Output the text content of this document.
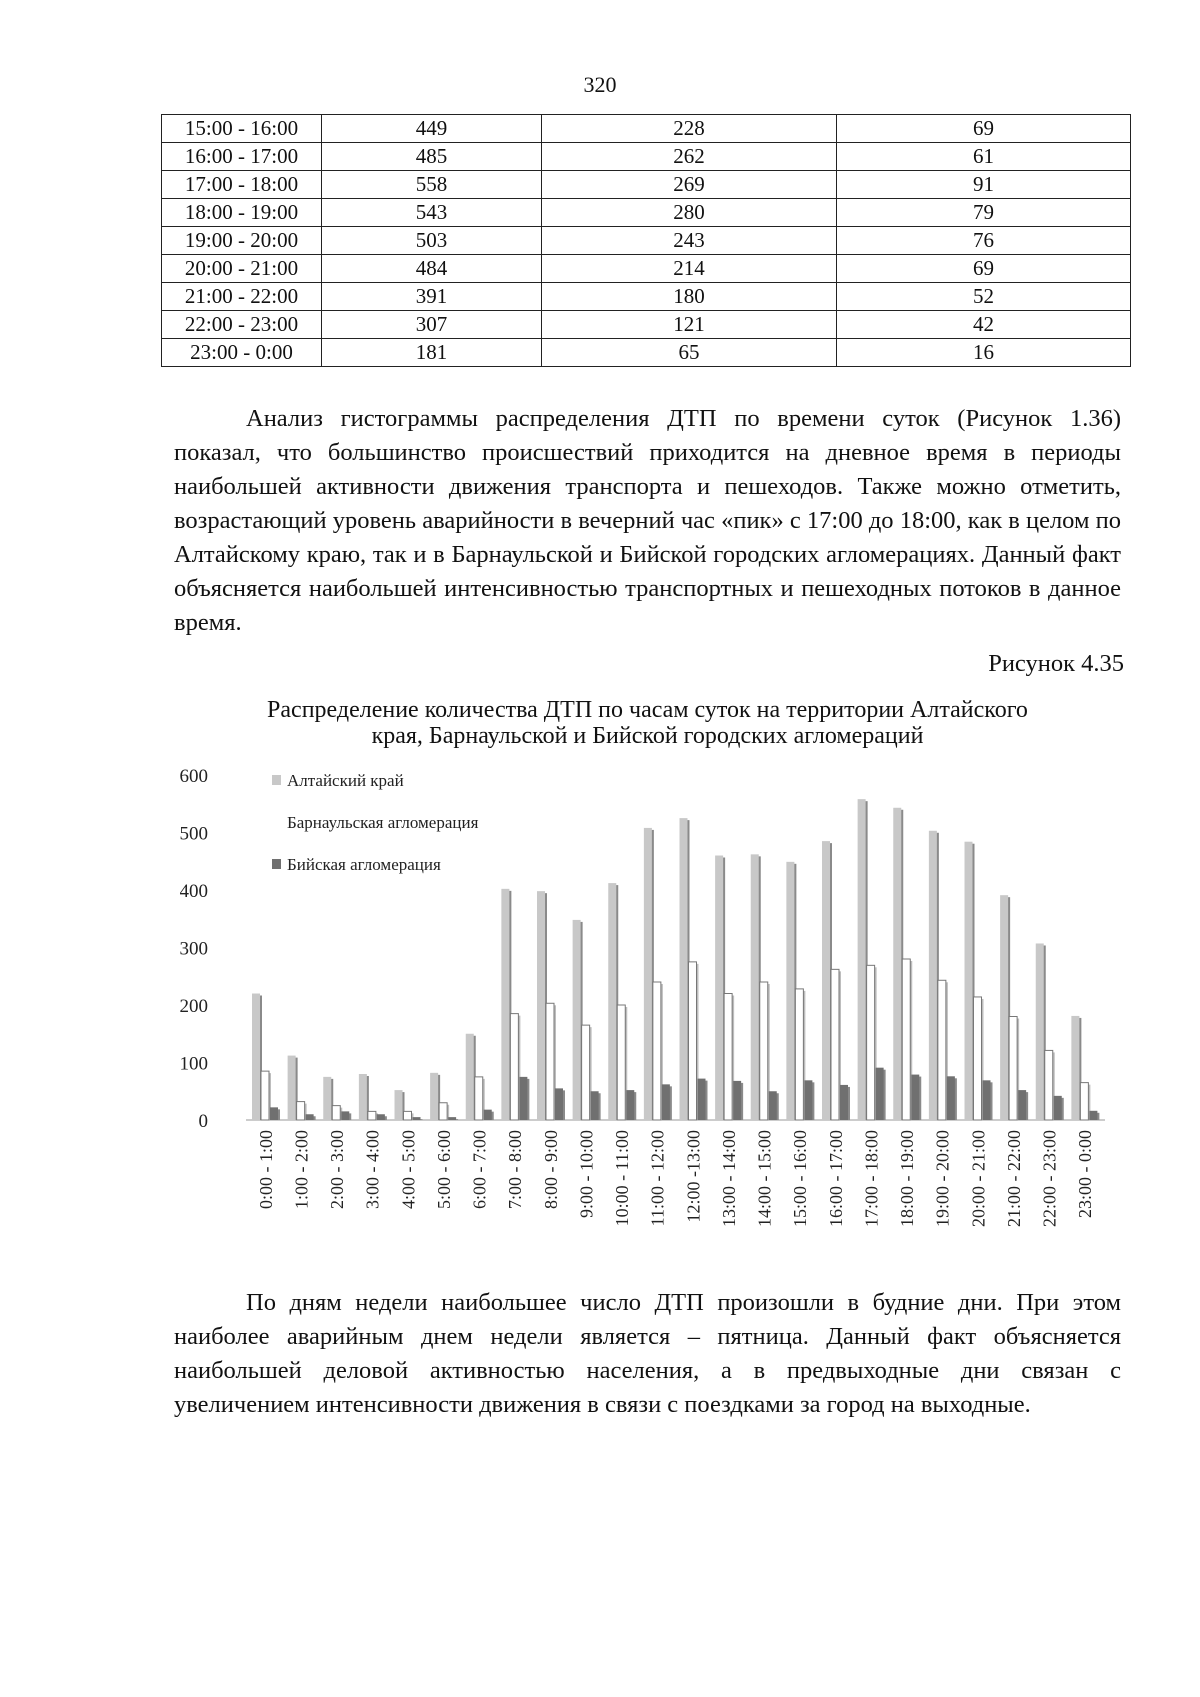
320
15:00 - 16:00	449	228	69
16:00 - 17:00	485	262	61
17:00 - 18:00	558	269	91
18:00 - 19:00	543	280	79
19:00 - 20:00	503	243	76
20:00 - 21:00	484	214	69
21:00 - 22:00	391	180	52
22:00 - 23:00	307	121	42
23:00 - 0:00	181	65	16

Анализ гистограммы распределения ДТП по времени суток (Рисунок 1.36) показал, что большинство происшествий приходится на дневное время в периоды наибольшей активности движения транспорта и пешеходов. Также можно отметить, возрастающий уровень аварийности в вечерний час «пик» с 17:00 до 18:00, как в целом по Алтайскому краю, так и в Барнаульской и Бийской городских агломерациях. Данный факт объясняется наибольшей интенсивностью транспортных и пешеходных потоков в данное время.

Рисунок 4.35
Распределение количества ДТП по часам суток на территории Алтайского
края, Барнаульской и Бийской городских агломераций
0
100
200
300
400
500
600
0:00 - 1:00 1:00 - 2:00 2:00 - 3:00 3:00 - 4:00 4:00 - 5:00 5:00 - 6:00 6:00 - 7:00 7:00 - 8:00 8:00 - 9:00 9:00 - 10:00 10:00 - 11:00 11:00 - 12:00 12:00 -13:00 13:00 - 14:00 14:00 - 15:00 15:00 - 16:00 16:00 - 17:00 17:00 - 18:00 18:00 - 19:00 19:00 - 20:00 20:00 - 21:00 21:00 - 22:00 22:00 - 23:00 23:00 - 0:00
Алтайский край
Барнаульская агломерация
Бийская агломерация

По дням недели наибольшее число ДТП произошли в будние дни. При этом наиболее аварийным днем недели является – пятница. Данный факт объясняется наибольшей деловой активностью населения, а в предвыходные дни связан с увеличением интенсивности движения в связи с поездками за город на выходные.
